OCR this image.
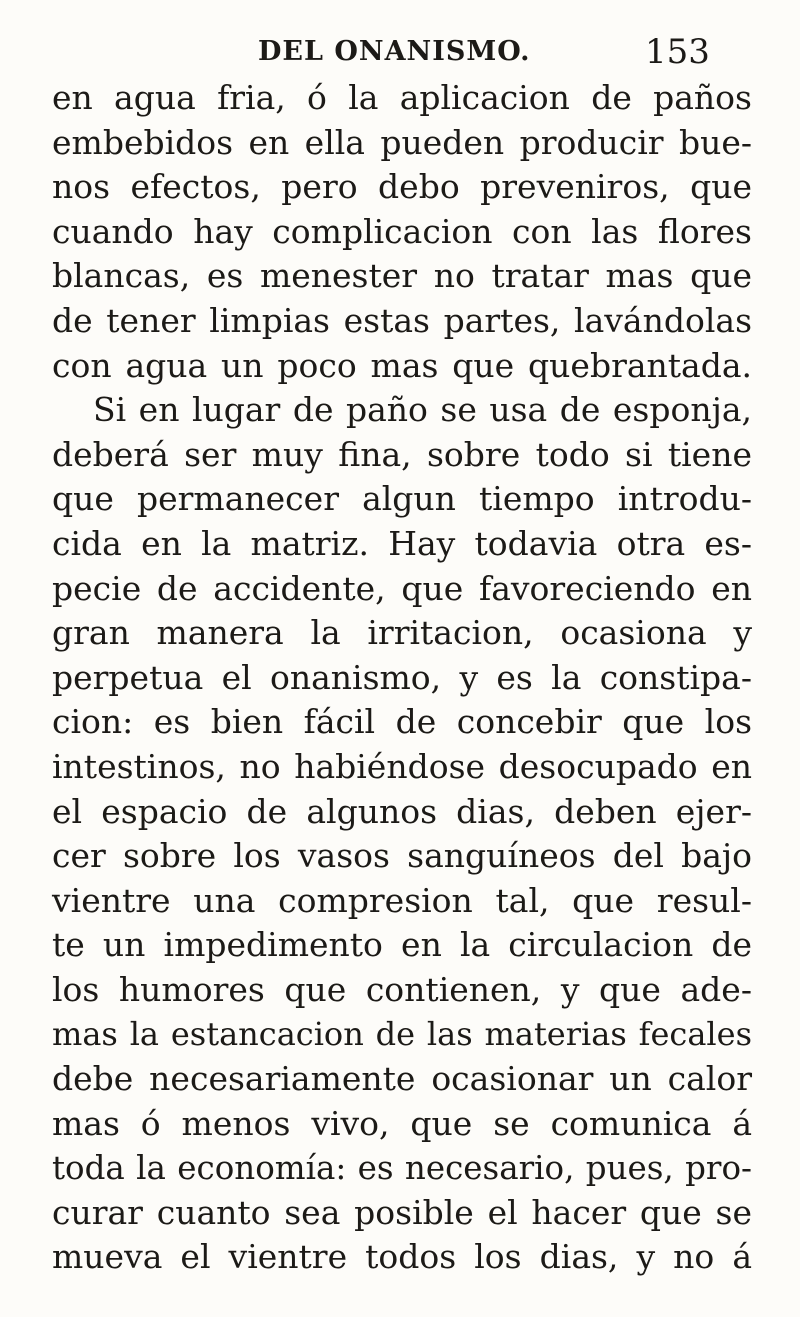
DEL ONANISMO.	153
en agua fria, ó la aplicacion de paños
embebidos en ella pueden producir bue-
nos efectos, pero debo preveniros, que
cuando hay complicacion con las flores
blancas, es menester no tratar mas que
de tener limpias estas partes, lavándolas
con agua un poco mas que quebrantada.
Si en lugar de paño se usa de esponja,
deberá ser muy fina, sobre todo si tiene
que permanecer algun tiempo introdu-
cida en la matriz. Hay todavia otra es-
pecie de accidente, que favoreciendo en
gran manera la irritacion, ocasiona y
perpetua el onanismo, y es la constipa-
cion: es bien fácil de concebir que los
intestinos, no habiéndose desocupado en
el espacio de algunos dias, deben ejer-
cer sobre los vasos sanguíneos del bajo
vientre una compresion tal, que resul-
te un impedimento en la circulacion de
los humores que contienen, y que ade-
mas la estancacion de las materias fecales
debe necesariamente ocasionar un calor
mas ó menos vivo, que se comunica á
toda la economía: es necesario, pues, pro-
curar cuanto sea posible el hacer que se
mueva el vientre todos los dias, y no á
